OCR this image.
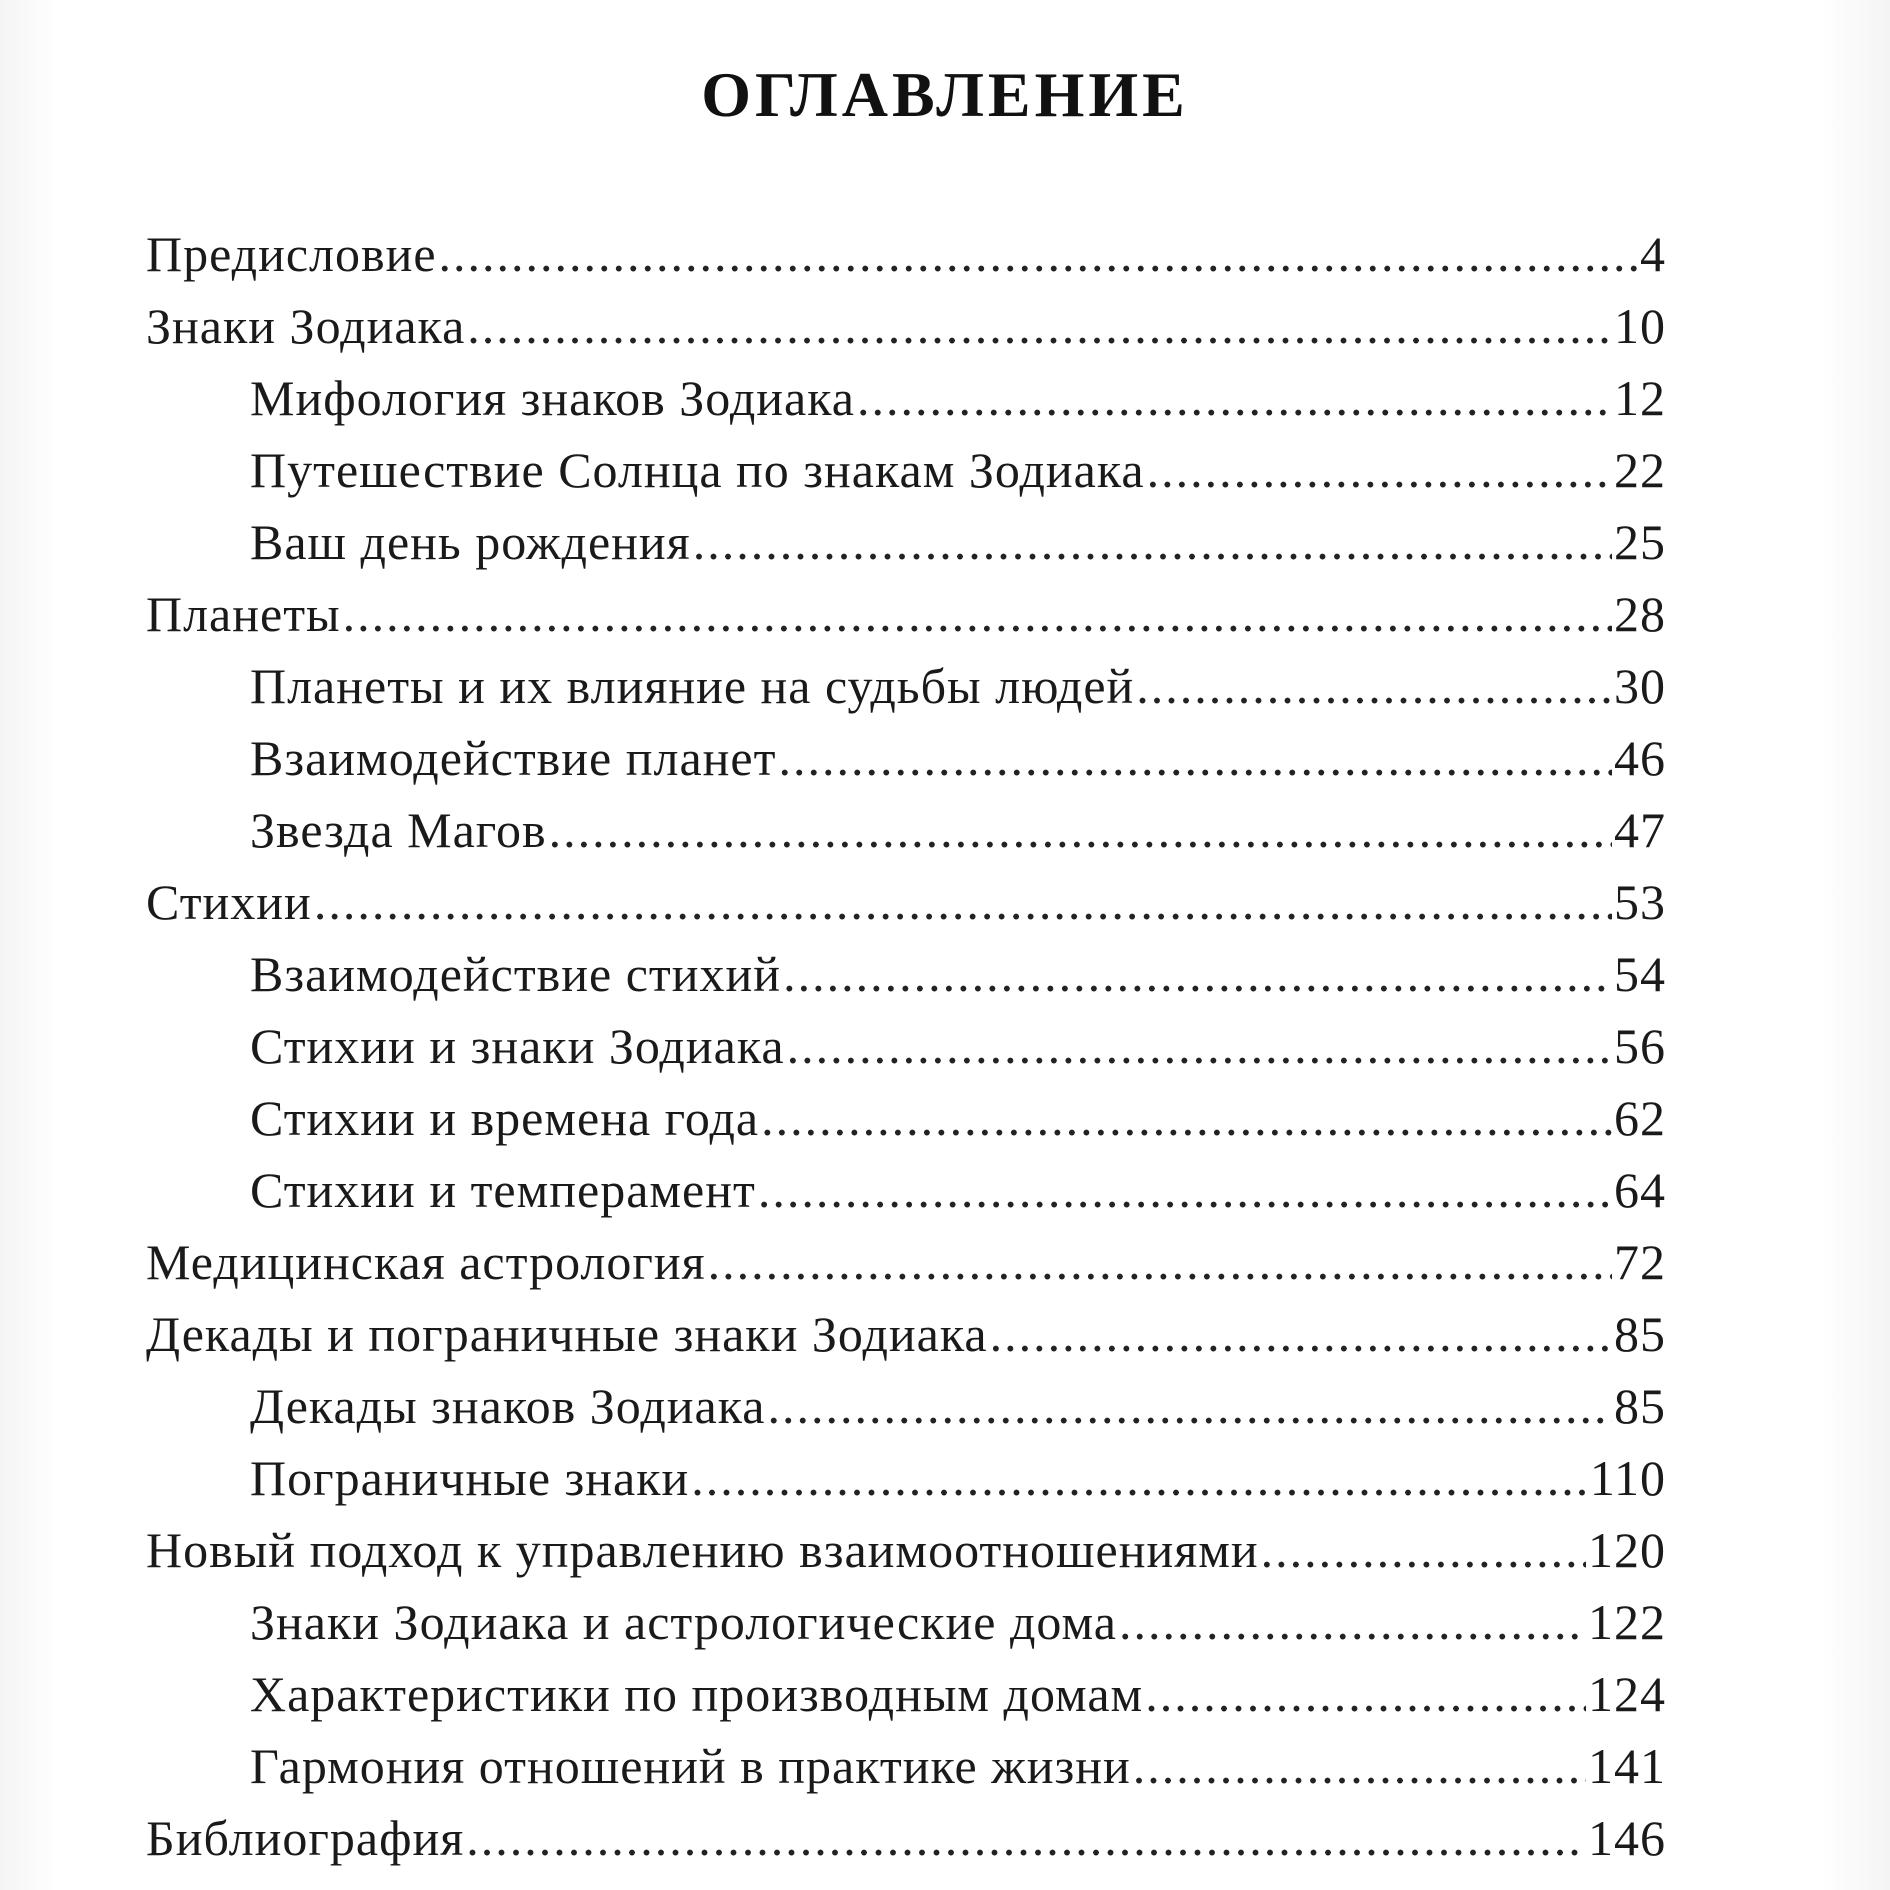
ОГЛАВЛЕНИЕ
Предисловие .....	4
Знаки Зодиака .....	10
Мифология знаков Зодиака .....	12
Путешествие Солнца по знакам Зодиака .....	22
Ваш день рождения .....	25
Планеты .....	28
Планеты и их влияние на судьбы людей .....	30
Взаимодействие планет .....	46
Звезда Магов .....	47
Стихии .....	53
Взаимодействие стихий .....	54
Стихии и знаки Зодиака .....	56
Стихии и времена года .....	62
Стихии и темперамент .....	64
Медицинская астрология .....	72
Декады и пограничные знаки Зодиака .....	85
Декады знаков Зодиака .....	85
Пограничные знаки .....	110
Новый подход к управлению взаимоотношениями .....	120
Знаки Зодиака и астрологические дома .....	122
Характеристики по производным домам .....	124
Гармония отношений в практике жизни .....	141
Библиография .....	146
